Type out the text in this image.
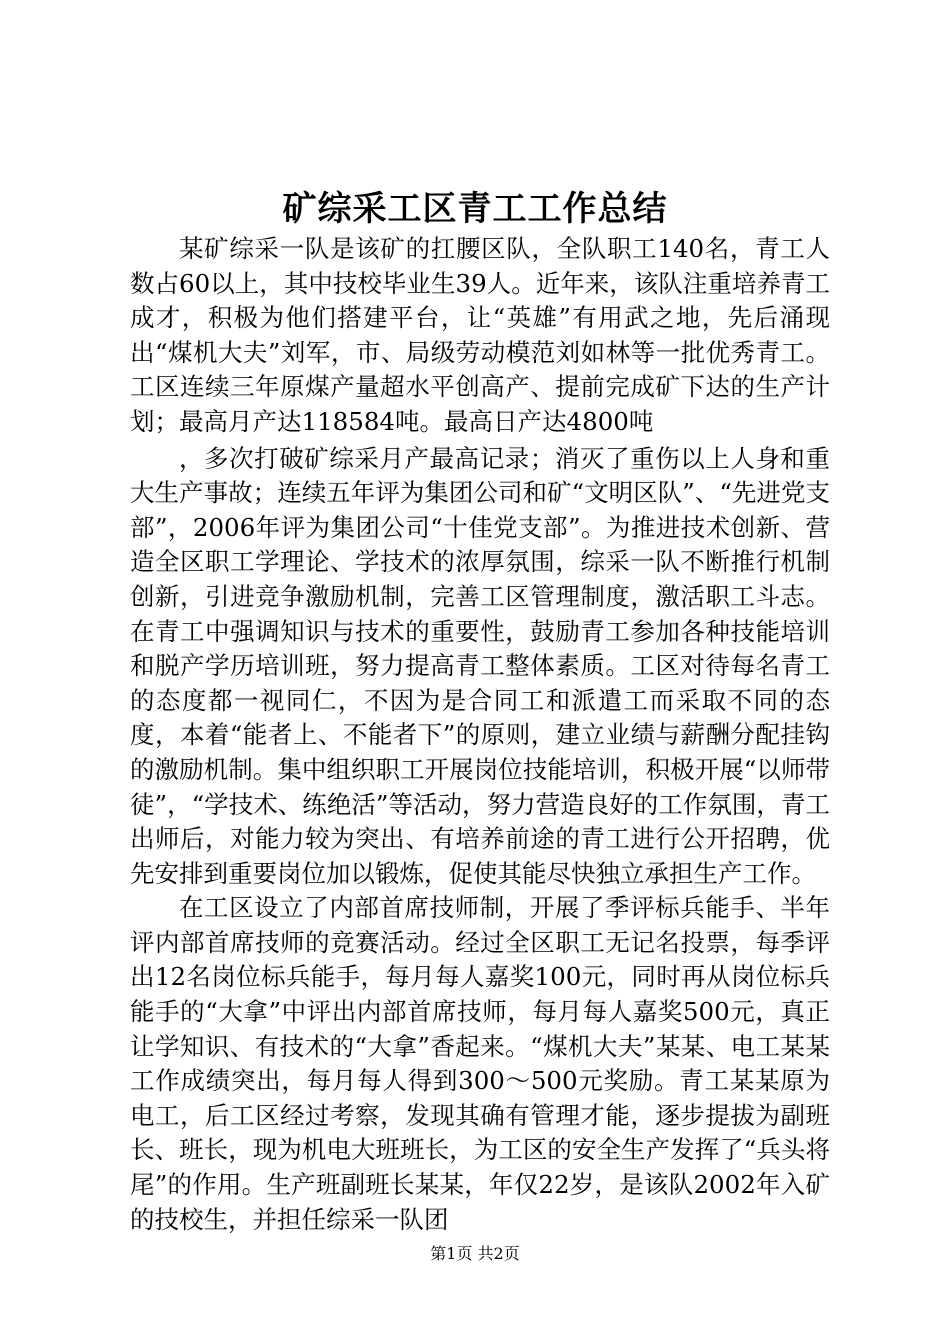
矿综采工区青工工作总结

某矿综采一队是该矿的扛腰区队，全队职工140名，青工人数占60以上，其中技校毕业生39人。近年来，该队注重培养青工成才，积极为他们搭建平台，让“英雄”有用武之地，先后涌现出“煤机大夫”刘军，市、局级劳动模范刘如林等一批优秀青工。工区连续三年原煤产量超水平创高产、提前完成矿下达的生产计划；最高月产达118584吨。最高日产达4800吨

，多次打破矿综采月产最高记录；消灭了重伤以上人身和重大生产事故；连续五年评为集团公司和矿“文明区队”、“先进党支部”，2006年评为集团公司“十佳党支部”。为推进技术创新、营造全区职工学理论、学技术的浓厚氛围，综采一队不断推行机制创新，引进竞争激励机制，完善工区管理制度，激活职工斗志。在青工中强调知识与技术的重要性，鼓励青工参加各种技能培训和脱产学历培训班，努力提高青工整体素质。工区对待每名青工的态度都一视同仁，不因为是合同工和派遣工而采取不同的态度，本着“能者上、不能者下”的原则，建立业绩与薪酬分配挂钩的激励机制。集中组织职工开展岗位技能培训，积极开展“以师带徒”，“学技术、练绝活”等活动，努力营造良好的工作氛围，青工出师后，对能力较为突出、有培养前途的青工进行公开招聘，优先安排到重要岗位加以锻炼，促使其能尽快独立承担生产工作。

在工区设立了内部首席技师制，开展了季评标兵能手、半年评内部首席技师的竞赛活动。经过全区职工无记名投票，每季评出12名岗位标兵能手，每月每人嘉奖100元，同时再从岗位标兵能手的“大拿”中评出内部首席技师，每月每人嘉奖500元，真正让学知识、有技术的“大拿”香起来。“煤机大夫”某某、电工某某工作成绩突出，每月每人得到300～500元奖励。青工某某原为电工，后工区经过考察，发现其确有管理才能，逐步提拔为副班长、班长，现为机电大班班长，为工区的安全生产发挥了“兵头将尾”的作用。生产班副班长某某，年仅22岁，是该队2002年入矿的技校生，并担任综采一队团

第1页 共2页
